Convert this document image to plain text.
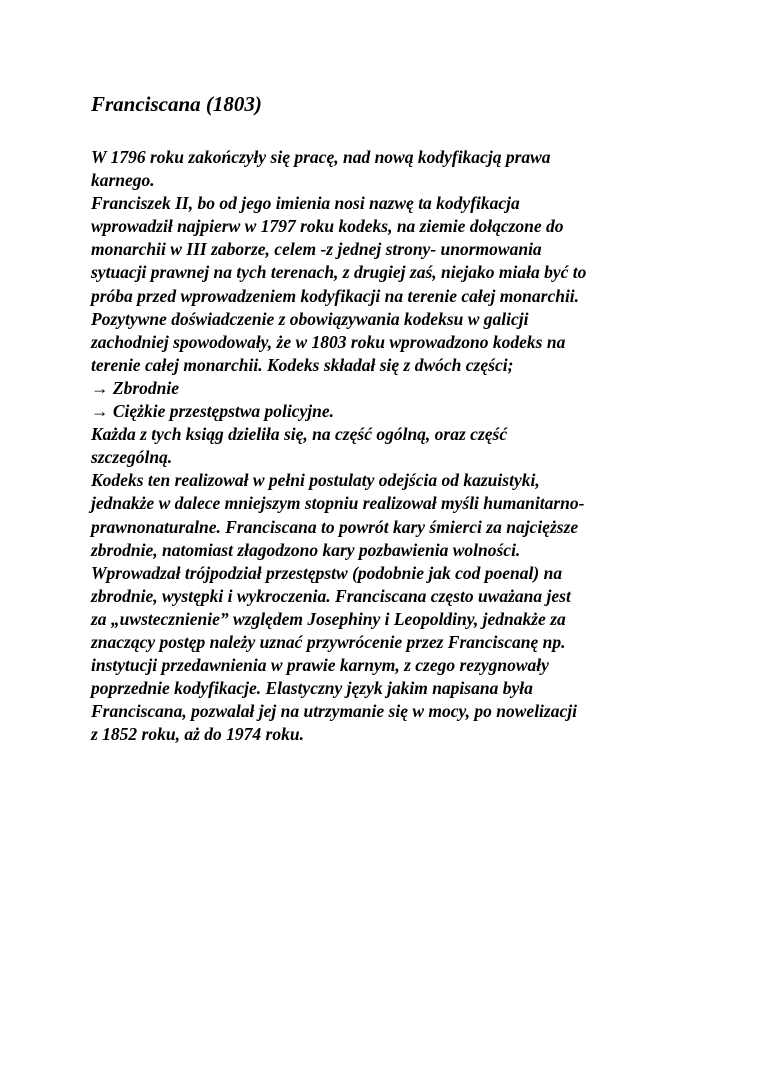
Franciscana (1803)
W 1796 roku zakończyły się pracę, nad nową kodyfikacją prawa
karnego.
Franciszek II, bo od jego imienia nosi nazwę ta kodyfikacja
wprowadził najpierw w 1797 roku kodeks, na ziemie dołączone do
monarchii w III zaborze, celem -z jednej strony- unormowania
sytuacji prawnej na tych terenach, z drugiej zaś, niejako miała być to
próba przed wprowadzeniem kodyfikacji na terenie całej monarchii.
Pozytywne doświadczenie z obowiązywania kodeksu w galicji
zachodniej spowodowały, że w 1803 roku wprowadzono kodeks na
terenie całej monarchii. Kodeks składał się z dwóch części;
→ Zbrodnie
→ Ciężkie przestępstwa policyjne.
Każda z tych ksiąg dzieliła się, na część ogólną, oraz część
szczególną.
Kodeks ten realizował w pełni postulaty odejścia od kazuistyki,
jednakże w dalece mniejszym stopniu realizował myśli humanitarno-
prawnonaturalne. Franciscana to powrót kary śmierci za najcięższe
zbrodnie, natomiast złagodzono kary pozbawienia wolności.
Wprowadzał trójpodział przestępstw (podobnie jak cod poenal) na
zbrodnie, występki i wykroczenia. Franciscana często uważana jest
za „uwstecznienie” względem Josephiny i Leopoldiny, jednakże za
znaczący postęp należy uznać przywrócenie przez Franciscanę np.
instytucji przedawnienia w prawie karnym, z czego rezygnowały
poprzednie kodyfikacje. Elastyczny język jakim napisana była
Franciscana, pozwalał jej na utrzymanie się w mocy, po nowelizacji
z 1852 roku, aż do 1974 roku.
